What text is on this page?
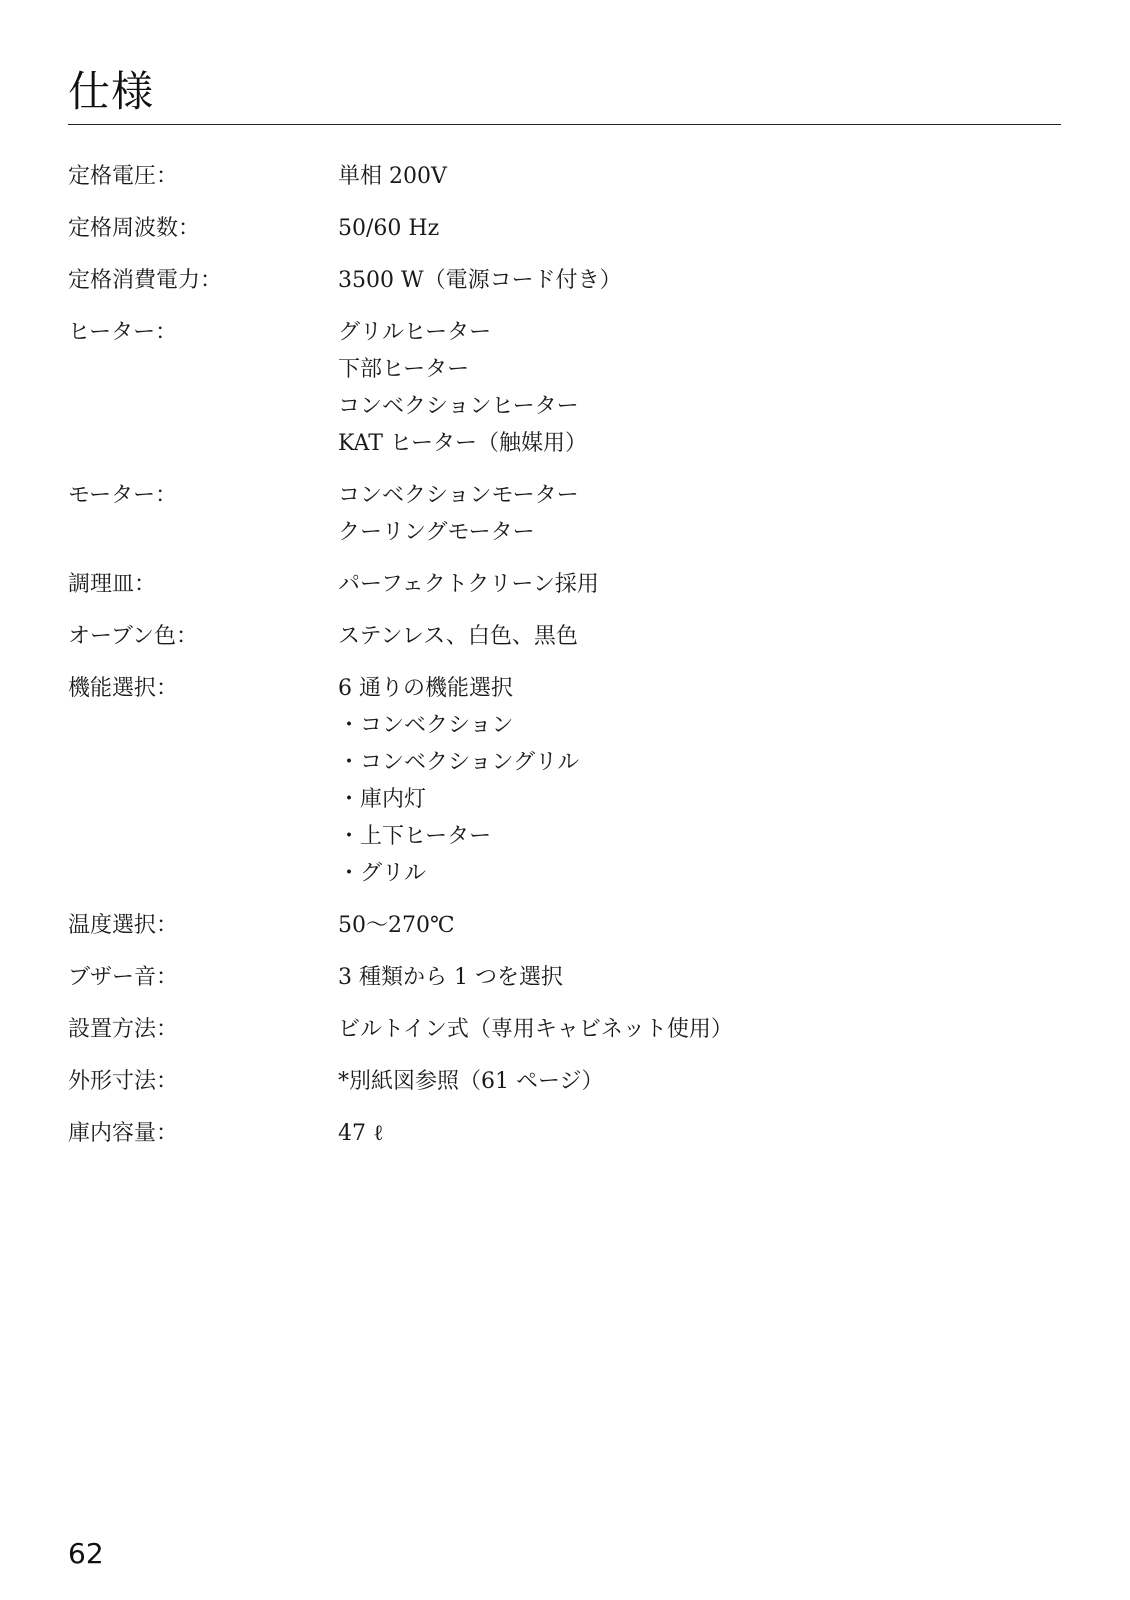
仕様
定格電圧：	単相 200V
定格周波数：	50/60 Hz
定格消費電力：	3500 W（電源コード付き）
ヒーター：	グリルヒーター
下部ヒーター
コンベクションヒーター
KAT ヒーター（触媒用）
モーター：	コンベクションモーター
クーリングモーター
調理皿：	パーフェクトクリーン採用
オーブン色：	ステンレス、白色、黒色
機能選択：	6 通りの機能選択
・コンベクション
・コンベクショングリル
・庫内灯
・上下ヒーター
・グリル
温度選択：	50～270℃
ブザー音：	3 種類から 1 つを選択
設置方法：	ビルトイン式（専用キャビネット使用）
外形寸法：	*別紙図参照（61 ページ）
庫内容量：	47 ℓ
62
